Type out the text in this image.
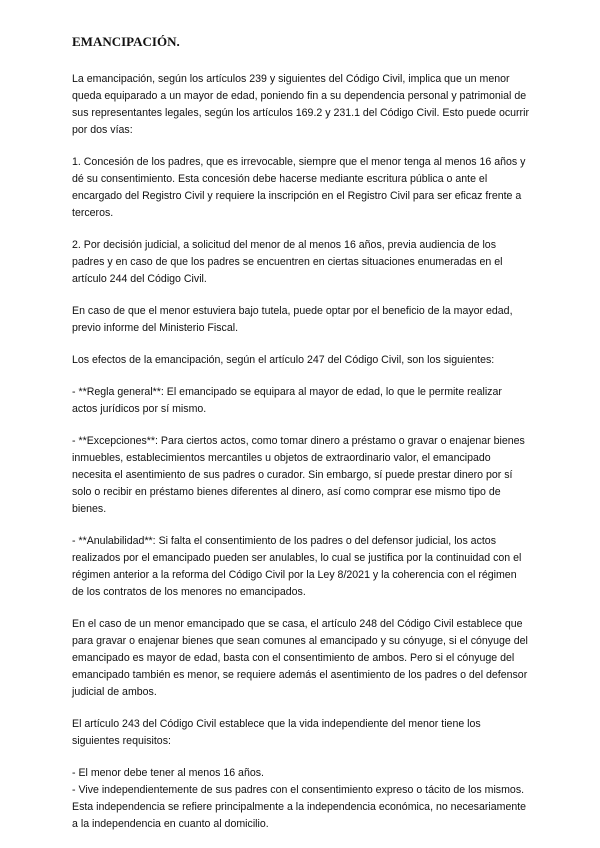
EMANCIPACIÓN.

La emancipación, según los artículos 239 y siguientes del Código Civil, implica que un menor queda equiparado a un mayor de edad, poniendo fin a su dependencia personal y patrimonial de sus representantes legales, según los artículos 169.2 y 231.1 del Código Civil. Esto puede ocurrir por dos vías:

1. Concesión de los padres, que es irrevocable, siempre que el menor tenga al menos 16 años y dé su consentimiento. Esta concesión debe hacerse mediante escritura pública o ante el encargado del Registro Civil y requiere la inscripción en el Registro Civil para ser eficaz frente a terceros.

2. Por decisión judicial, a solicitud del menor de al menos 16 años, previa audiencia de los padres y en caso de que los padres se encuentren en ciertas situaciones enumeradas en el artículo 244 del Código Civil.

En caso de que el menor estuviera bajo tutela, puede optar por el beneficio de la mayor edad, previo informe del Ministerio Fiscal.

Los efectos de la emancipación, según el artículo 247 del Código Civil, son los siguientes:

- **Regla general**: El emancipado se equipara al mayor de edad, lo que le permite realizar actos jurídicos por sí mismo.

- **Excepciones**: Para ciertos actos, como tomar dinero a préstamo o gravar o enajenar bienes inmuebles, establecimientos mercantiles u objetos de extraordinario valor, el emancipado necesita el asentimiento de sus padres o curador. Sin embargo, sí puede prestar dinero por sí solo o recibir en préstamo bienes diferentes al dinero, así como comprar ese mismo tipo de bienes.

- **Anulabilidad**: Si falta el consentimiento de los padres o del defensor judicial, los actos realizados por el emancipado pueden ser anulables, lo cual se justifica por la continuidad con el régimen anterior a la reforma del Código Civil por la Ley 8/2021 y la coherencia con el régimen de los contratos de los menores no emancipados.

En el caso de un menor emancipado que se casa, el artículo 248 del Código Civil establece que para gravar o enajenar bienes que sean comunes al emancipado y su cónyuge, si el cónyuge del emancipado es mayor de edad, basta con el consentimiento de ambos. Pero si el cónyuge del emancipado también es menor, se requiere además el asentimiento de los padres o del defensor judicial de ambos.

El artículo 243 del Código Civil establece que la vida independiente del menor tiene los siguientes requisitos:

- El menor debe tener al menos 16 años.

- Vive independientemente de sus padres con el consentimiento expreso o tácito de los mismos. Esta independencia se refiere principalmente a la independencia económica, no necesariamente a la independencia en cuanto al domicilio.
